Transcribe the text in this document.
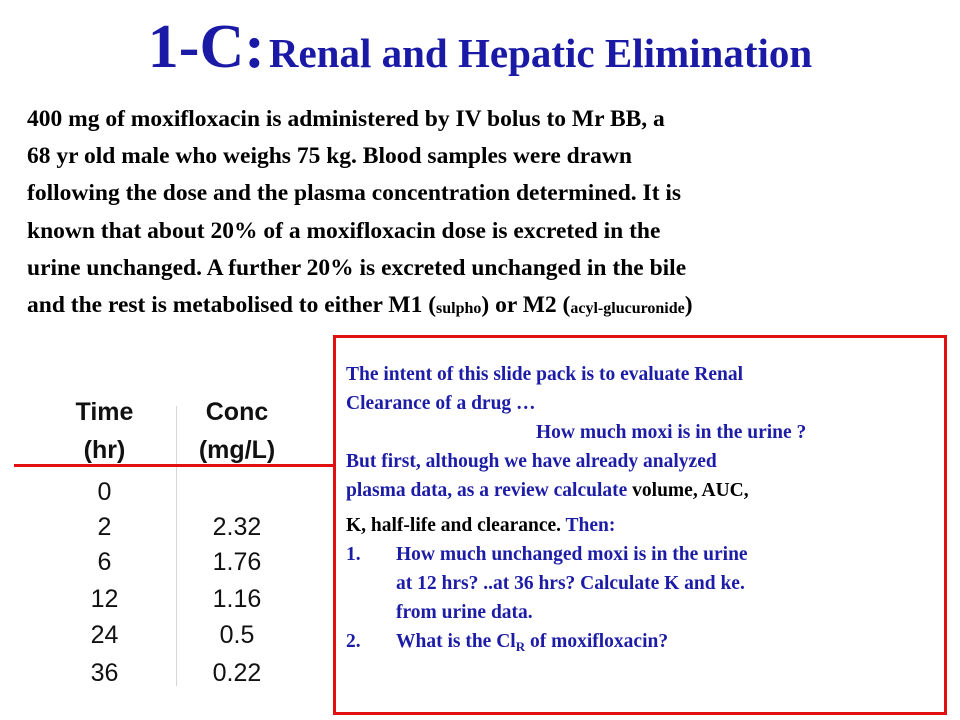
1-C: Renal and Hepatic Elimination
400 mg of moxifloxacin is administered by IV bolus to Mr BB, a
68 yr old male who weighs 75 kg. Blood samples were drawn
following the dose and the plasma concentration determined. It is
known that about 20% of a moxifloxacin dose is excreted in the
urine unchanged. A further 20% is excreted unchanged in the bile
and the rest is metabolised to either M1 $(_{sulpho})$ or M2 $(_{acyl-glucuronide})$
Time	Conc
(hr)	(mg/L)
0
2	2.32
6	1.76
12	1.16
24	0.5
36	0.22
The intent of this slide pack is to evaluate Renal
Clearance of a drug …
How much moxi is in the urine ?
But first, although we have already analyzed
plasma data, as a review calculate volume, AUC,
K, half-life and clearance. Then:
1. How much unchanged moxi is in the urine
at 12 hrs? ..at 36 hrs? Calculate K and ke.
from urine data.
2. What is the $Cl_R$ of moxifloxacin?
